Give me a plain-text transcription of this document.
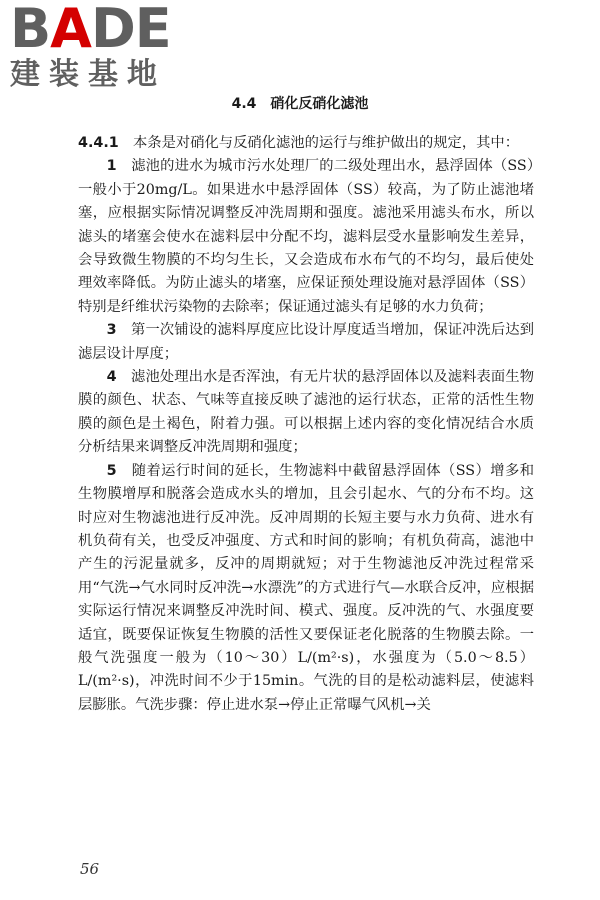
BADE
建装基地
4.4　硝化反硝化滤池

4.4.1　 本条是对硝化与反硝化滤池的运行与维护做出的规定，其中：

1　 滤池的进水为城市污水处理厂的二级处理出水，悬浮固体（SS）一般小于20mg/L。如果进水中悬浮固体（SS）较高，为了防止滤池堵塞，应根据实际情况调整反冲洗周期和强度。滤池采用滤头布水，所以滤头的堵塞会使水在滤料层中分配不均，滤料层受水量影响发生差异，会导致微生物膜的不均匀生长，又会造成布水布气的不均匀，最后使处理效率降低。为防止滤头的堵塞，应保证预处理设施对悬浮固体（SS）特别是纤维状污染物的去除率；保证通过滤头有足够的水力负荷；

3　 第一次铺设的滤料厚度应比设计厚度适当增加，保证冲洗后达到滤层设计厚度；

4　 滤池处理出水是否浑浊，有无片状的悬浮固体以及滤料表面生物膜的颜色、状态、气味等直接反映了滤池的运行状态，正常的活性生物膜的颜色是土褐色，附着力强。可以根据上述内容的变化情况结合水质分析结果来调整反冲洗周期和强度；

5　 随着运行时间的延长，生物滤料中截留悬浮固体（SS）增多和生物膜增厚和脱落会造成水头的增加，且会引起水、气的分布不均。这时应对生物滤池进行反冲洗。反冲周期的长短主要与水力负荷、进水有机负荷有关，也受反冲强度、方式和时间的影响；有机负荷高，滤池中产生的污泥量就多，反冲的周期就短；对于生物滤池反冲洗过程常采用“气洗→气水同时反冲洗→水漂洗”的方式进行气—水联合反冲，应根据实际运行情况来调整反冲洗时间、模式、强度。反冲洗的气、水强度要适宜，既要保证恢复生物膜的活性又要保证老化脱落的生物膜去除。一般气洗强度一般为（10～30）L/(m²·s)，水强度为（5.0～8.5）L/(m²·s)，冲洗时间不少于15min。气洗的目的是松动滤料层，使滤料层膨胀。气洗步骤：停止进水泵→停止正常曝气风机→关

56
